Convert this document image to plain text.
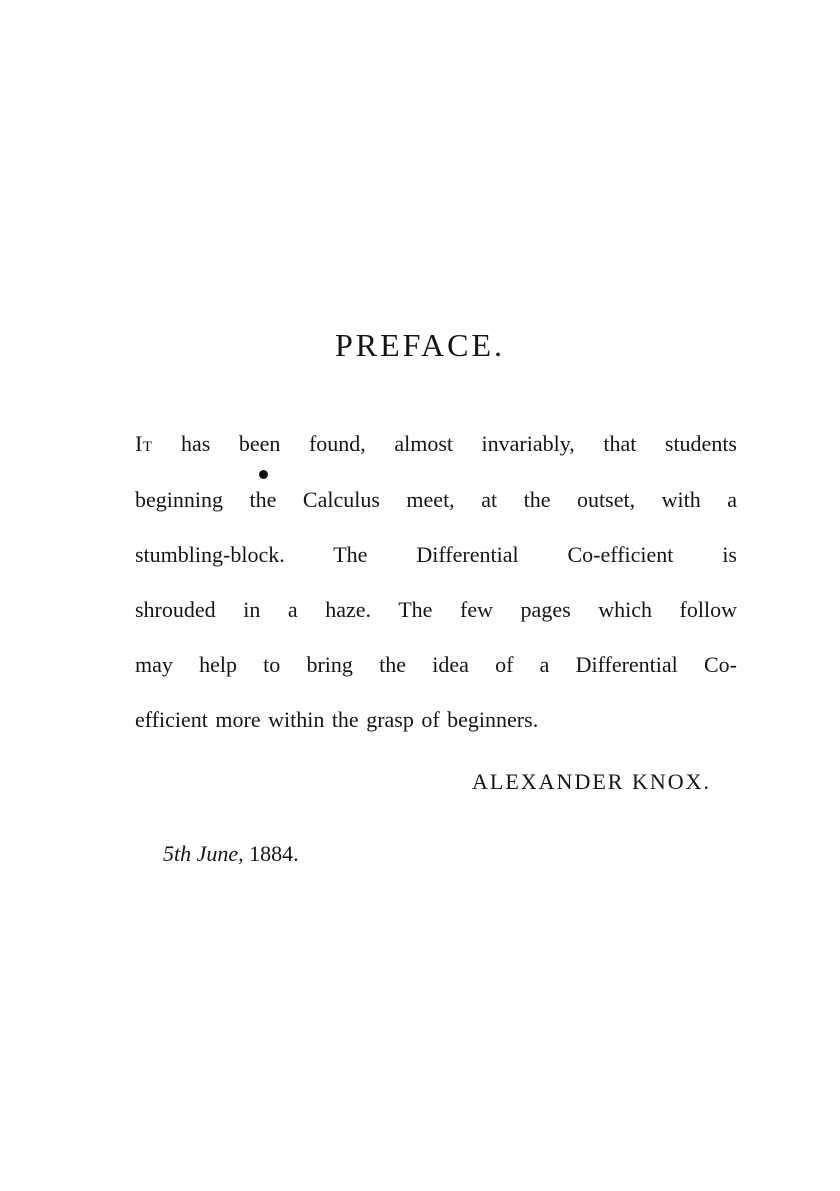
PREFACE.
It has been found, almost invariably, that students
beginning the Calculus meet, at the outset, with a
stumbling-block. The Differential Co-efficient is
shrouded in a haze. The few pages which follow
may help to bring the idea of a Differential Co-
efficient more within the grasp of beginners.
ALEXANDER KNOX.
5th June, 1884.
